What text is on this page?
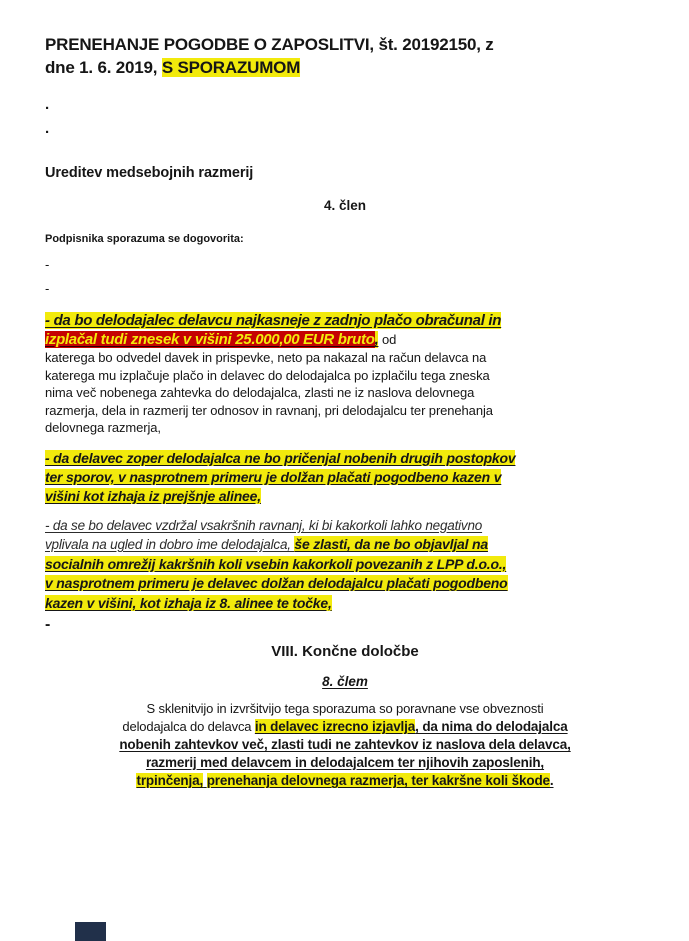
PRENEHANJE POGODBE O ZAPOSLITVI, št. 20192150, z
dne 1. 6. 2019, S SPORAZUMOM
.
.
Ureditev medsebojnih razmerij
4. člen

Podpisnika sporazuma se dogovorita:

-
-

- da bo delodajalec delavcu najkasneje z zadnjo plačo obračunal in
izplačal tudi znesek v višini 25.000,00 EUR bruto, od
katerega bo odvedel davek in prispevke, neto pa nakazal na račun delavca na
katerega mu izplačuje plačo in delavec do delodajalca po izplačilu tega zneska
nima več nobenega zahtevka do delodajalca, zlasti ne iz naslova delovnega
razmerja, dela in razmerij ter odnosov in ravnanj, pri delodajalcu ter prenehanja
delovnega razmerja,

- da delavec zoper delodajalca ne bo pričenjal nobenih drugih postopkov
ter sporov, v nasprotnem primeru je dolžan plačati pogodbeno kazen v
višini kot izhaja iz prejšnje alinee,

- da se bo delavec vzdržal vsakršnih ravnanj, ki bi kakorkoli lahko negativno
vplivala na ugled in dobro ime delodajalca, še zlasti, da ne bo objavljal na
socialnih omrežij kakršnih koli vsebin kakorkoli povezanih z LPP d.o.o.,
v nasprotnem primeru je delavec dolžan delodajalcu plačati pogodbeno
kazen v višini, kot izhaja iz 8. alinee te točke,

-
VIII. Končne določbe
8. člem

S sklenitvijo in izvršitvijo tega sporazuma so poravnane vse obveznosti
delodajalca do delavca in delavec izrecno izjavlja, da nima do delodajalca
nobenih zahtevkov več, zlasti tudi ne zahtevkov iz naslova dela delavca,
razmerij med delavcem in delodajalcem ter njihovih zaposlenih,
trpinčenja, prenehanja delovnega razmerja, ter kakršne koli škode.
